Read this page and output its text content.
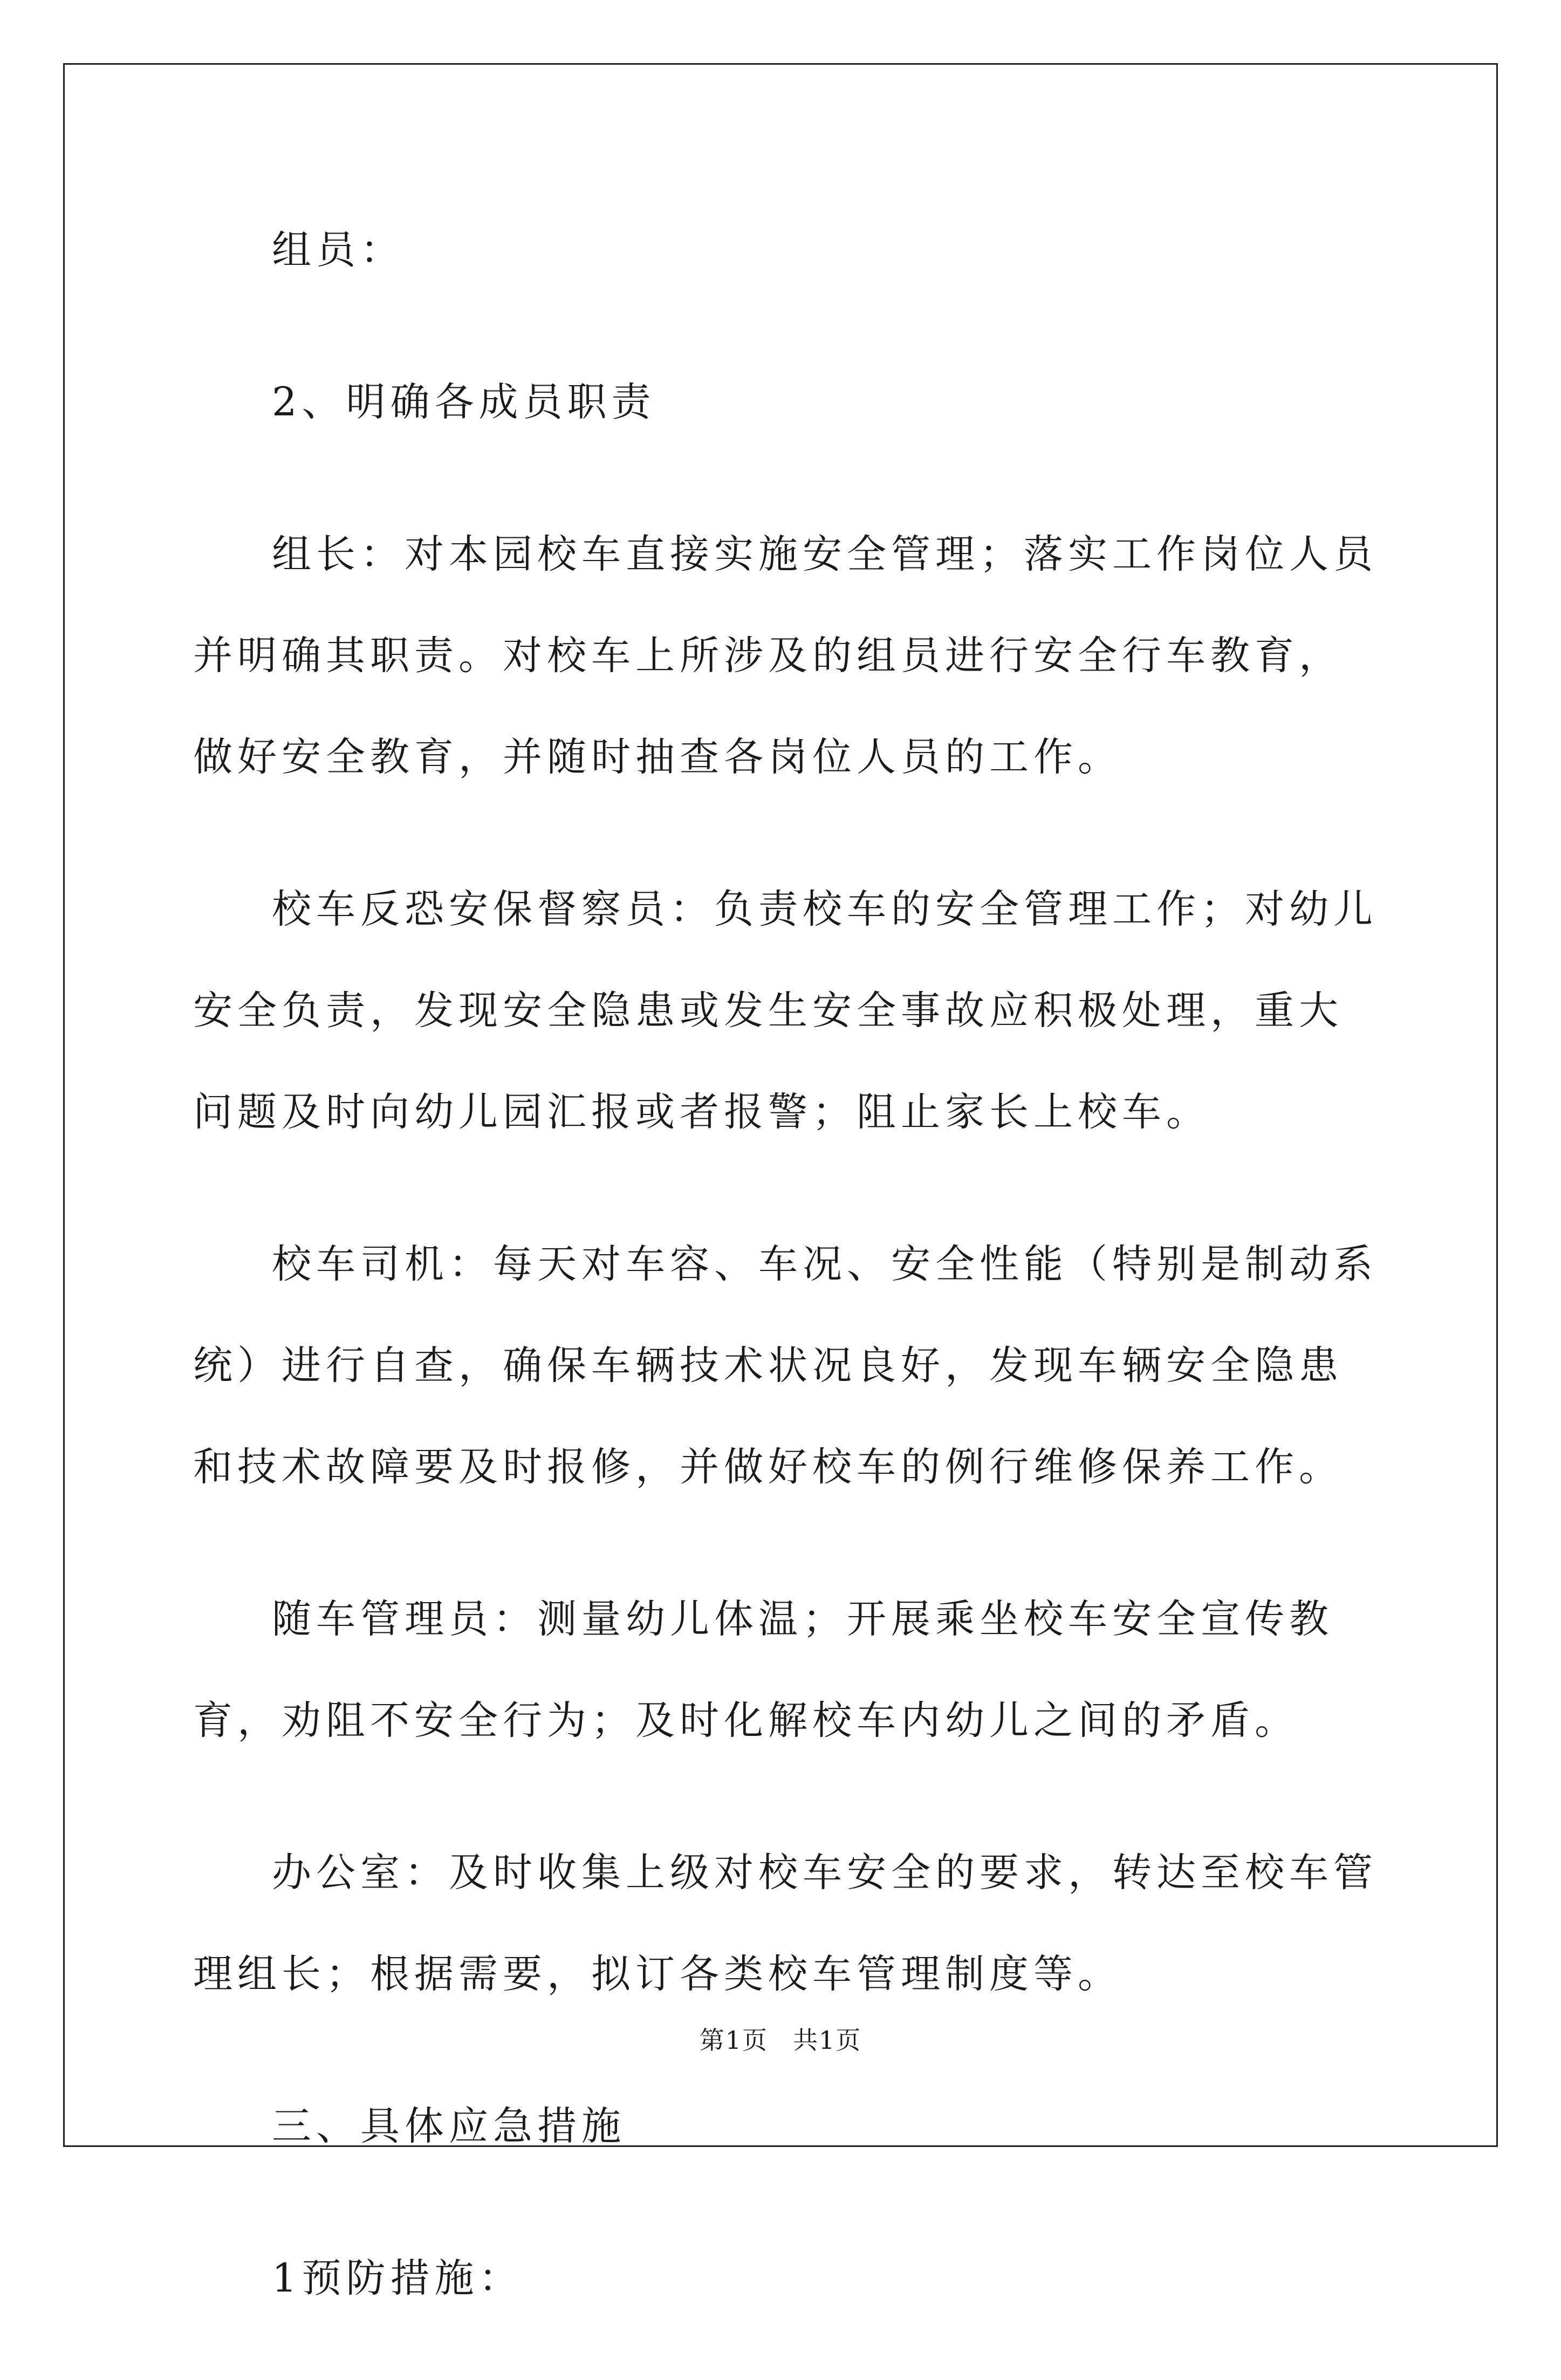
组员：

2、明确各成员职责

组长：对本园校车直接实施安全管理；落实工作岗位人员并明确其职责。对校车上所涉及的组员进行安全行车教育，做好安全教育，并随时抽查各岗位人员的工作。

校车反恐安保督察员：负责校车的安全管理工作；对幼儿安全负责，发现安全隐患或发生安全事故应积极处理，重大问题及时向幼儿园汇报或者报警；阻止家长上校车。

校车司机：每天对车容、车况、安全性能（特别是制动系统）进行自查，确保车辆技术状况良好，发现车辆安全隐患和技术故障要及时报修，并做好校车的例行维修保养工作。

随车管理员：测量幼儿体温；开展乘坐校车安全宣传教育，劝阻不安全行为；及时化解校车内幼儿之间的矛盾。

办公室：及时收集上级对校车安全的要求，转达至校车管理组长；根据需要，拟订各类校车管理制度等。

三、具体应急措施

1预防措施：

第1页 共1页
